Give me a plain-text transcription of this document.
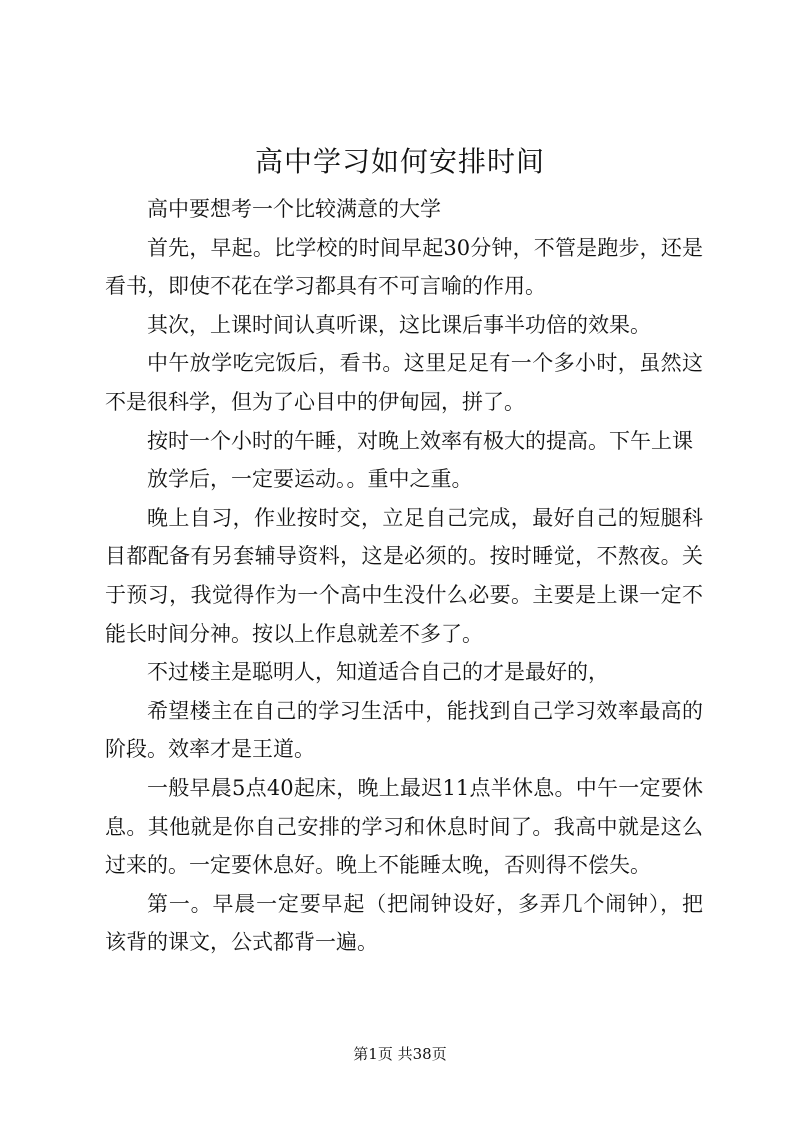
高中学习如何安排时间

高中要想考一个比较满意的大学

首先，早起。比学校的时间早起30分钟，不管是跑步，还是看书，即使不花在学习都具有不可言喻的作用。

其次，上课时间认真听课，这比课后事半功倍的效果。

中午放学吃完饭后，看书。这里足足有一个多小时，虽然这不是很科学，但为了心目中的伊甸园，拼了。

按时一个小时的午睡，对晚上效率有极大的提高。下午上课

放学后，一定要运动。。重中之重。

晚上自习，作业按时交，立足自己完成，最好自己的短腿科目都配备有另套辅导资料，这是必须的。按时睡觉，不熬夜。关于预习，我觉得作为一个高中生没什么必要。主要是上课一定不能长时间分神。按以上作息就差不多了。

不过楼主是聪明人，知道适合自己的才是最好的，

希望楼主在自己的学习生活中，能找到自己学习效率最高的阶段。效率才是王道。

一般早晨5点40起床，晚上最迟11点半休息。中午一定要休息。其他就是你自己安排的学习和休息时间了。我高中就是这么过来的。一定要休息好。晚上不能睡太晚，否则得不偿失。

第一。早晨一定要早起（把闹钟设好，多弄几个闹钟），把该背的课文，公式都背一遍。

第1页 共38页
